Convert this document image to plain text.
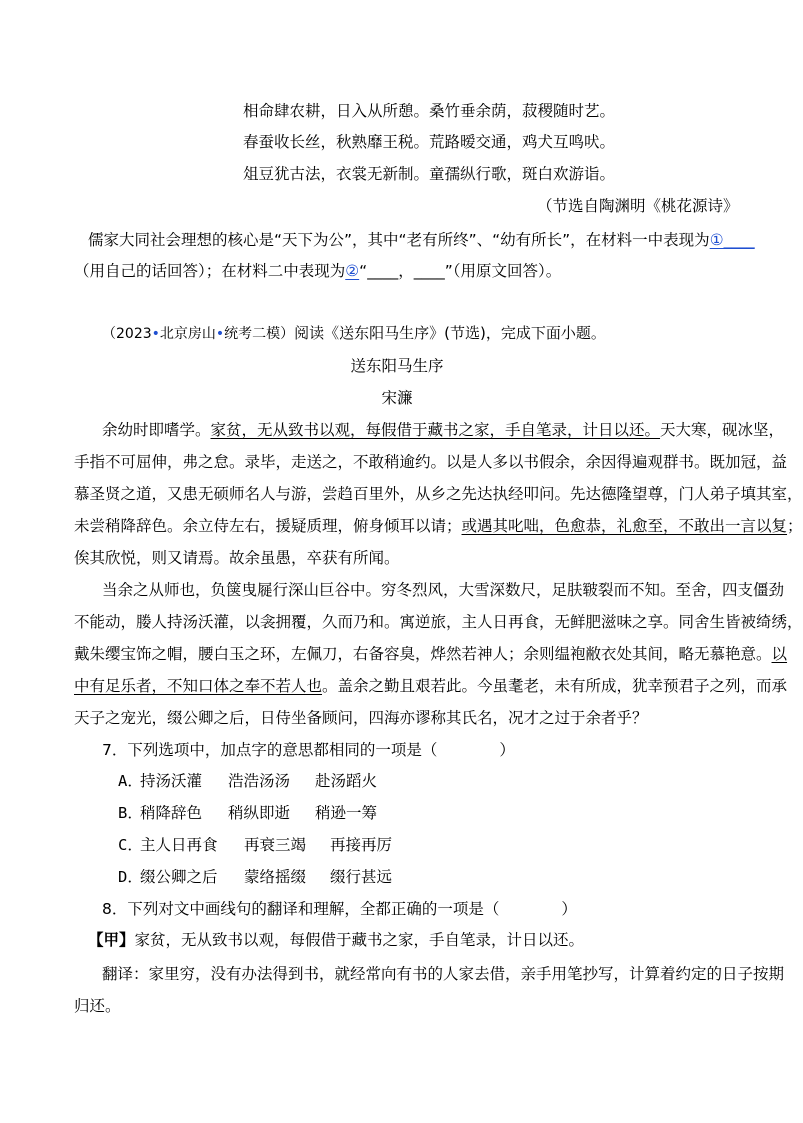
相命肆农耕，日入从所憩。桑竹垂余荫，菽稷随时艺。
春蚕收长丝，秋熟靡王税。荒路暧交通，鸡犬互鸣吠。
俎豆犹古法，衣裳无新制。童孺纵行歌，斑白欢游诣。
（节选自陶渊明《桃花源诗》
儒家大同社会理想的核心是“天下为公”，其中“老有所终”、“幼有所长”，在材料一中表现为①____
（用自己的话回答）；在材料二中表现为②“____，____”（用原文回答）。
（2023•北京房山•统考二模）阅读《送东阳马生序》(节选)，完成下面小题。
送东阳马生序
宋濂
余幼时即嗜学。家贫，无从致书以观，每假借于藏书之家，手自笔录，计日以还。天大寒，砚冰坚，
手指不可屈伸，弗之怠。录毕，走送之，不敢稍逾约。以是人多以书假余，余因得遍观群书。既加冠，益
慕圣贤之道，又患无硕师名人与游，尝趋百里外，从乡之先达执经叩问。先达德隆望尊，门人弟子填其室，
未尝稍降辞色。余立侍左右，援疑质理，俯身倾耳以请；或遇其叱咄，色愈恭，礼愈至，不敢出一言以复；
俟其欣悦，则又请焉。故余虽愚，卒获有所闻。
当余之从师也，负箧曳屣行深山巨谷中。穷冬烈风，大雪深数尺，足肤皲裂而不知。至舍，四支僵劲
不能动，媵人持汤沃灌，以衾拥覆，久而乃和。寓逆旅，主人日再食，无鲜肥滋味之享。同舍生皆被绮绣，
戴朱缨宝饰之帽，腰白玉之环，左佩刀，右备容臭，烨然若神人；余则缊袍敝衣处其间，略无慕艳意。以
中有足乐者，不知口体之奉不若人也。盖余之勤且艰若此。今虽耄老，未有所成，犹幸预君子之列，而承
天子之宠光，缀公卿之后，日侍坐备顾问，四海亦谬称其氏名，况才之过于余者乎？
7．下列选项中，加点字的意思都相同的一项是（　　　　）
A．
持汤沃灌 浩浩汤汤 赴汤蹈火
B．
稍降辞色 稍纵即逝 稍逊一筹
C．
主人日再食 再衰三竭 再接再厉
D．
缀公卿之后 蒙络摇缀 缀行甚远
8．下列对文中画线句的翻译和理解，全都正确的一项是（　　　　）
【甲】家贫，无从致书以观，每假借于藏书之家，手自笔录，计日以还。
翻译：家里穷，没有办法得到书，就经常向有书的人家去借，亲手用笔抄写，计算着约定的日子按期
归还。
